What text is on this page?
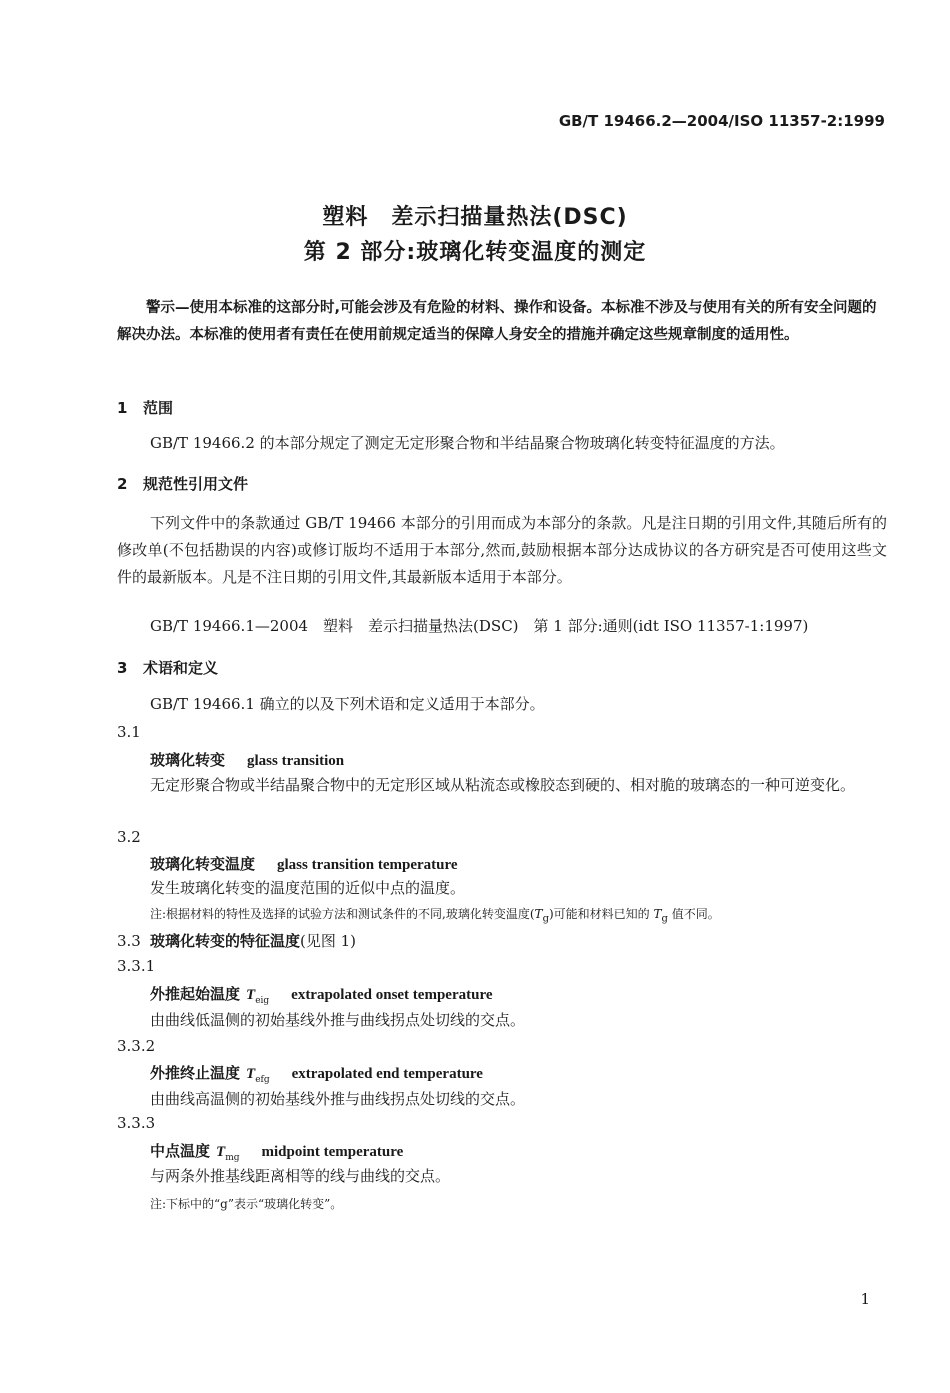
GB/T 19466.2—2004/ISO 11357-2:1999
塑料　差示扫描量热法(DSC)
第 2 部分:玻璃化转变温度的测定
警示—使用本标准的这部分时,可能会涉及有危险的材料、操作和设备。本标准不涉及与使用有关的所有安全问题的解决办法。本标准的使用者有责任在使用前规定适当的保障人身安全的措施并确定这些规章制度的适用性。
1 范围
GB/T 19466.2 的本部分规定了测定无定形聚合物和半结晶聚合物玻璃化转变特征温度的方法。
2 规范性引用文件
下列文件中的条款通过 GB/T 19466 本部分的引用而成为本部分的条款。凡是注日期的引用文件,其随后所有的修改单(不包括勘误的内容)或修订版均不适用于本部分,然而,鼓励根据本部分达成协议的各方研究是否可使用这些文件的最新版本。凡是不注日期的引用文件,其最新版本适用于本部分。
GB/T 19466.1—2004　塑料　差示扫描量热法(DSC)　第 1 部分:通则(idt ISO 11357-1:1997)
3 术语和定义
GB/T 19466.1 确立的以及下列术语和定义适用于本部分。
3.1
玻璃化转变 glass transition
无定形聚合物或半结晶聚合物中的无定形区域从粘流态或橡胶态到硬的、相对脆的玻璃态的一种可逆变化。
3.2
玻璃化转变温度 glass transition temperature
发生玻璃化转变的温度范围的近似中点的温度。
注:根据材料的特性及选择的试验方法和测试条件的不同,玻璃化转变温度$(T_g)$可能和材料已知的 $T_g$ 值不同。
3.3 玻璃化转变的特征温度(见图 1)
3.3.1
外推起始温度 $T_{eig}$ extrapolated onset temperature
由曲线低温侧的初始基线外推与曲线拐点处切线的交点。
3.3.2
外推终止温度 $T_{efg}$ extrapolated end temperature
由曲线高温侧的初始基线外推与曲线拐点处切线的交点。
3.3.3
中点温度 $T_{mg}$ midpoint temperature
与两条外推基线距离相等的线与曲线的交点。
注:下标中的“g”表示“玻璃化转变”。
1
